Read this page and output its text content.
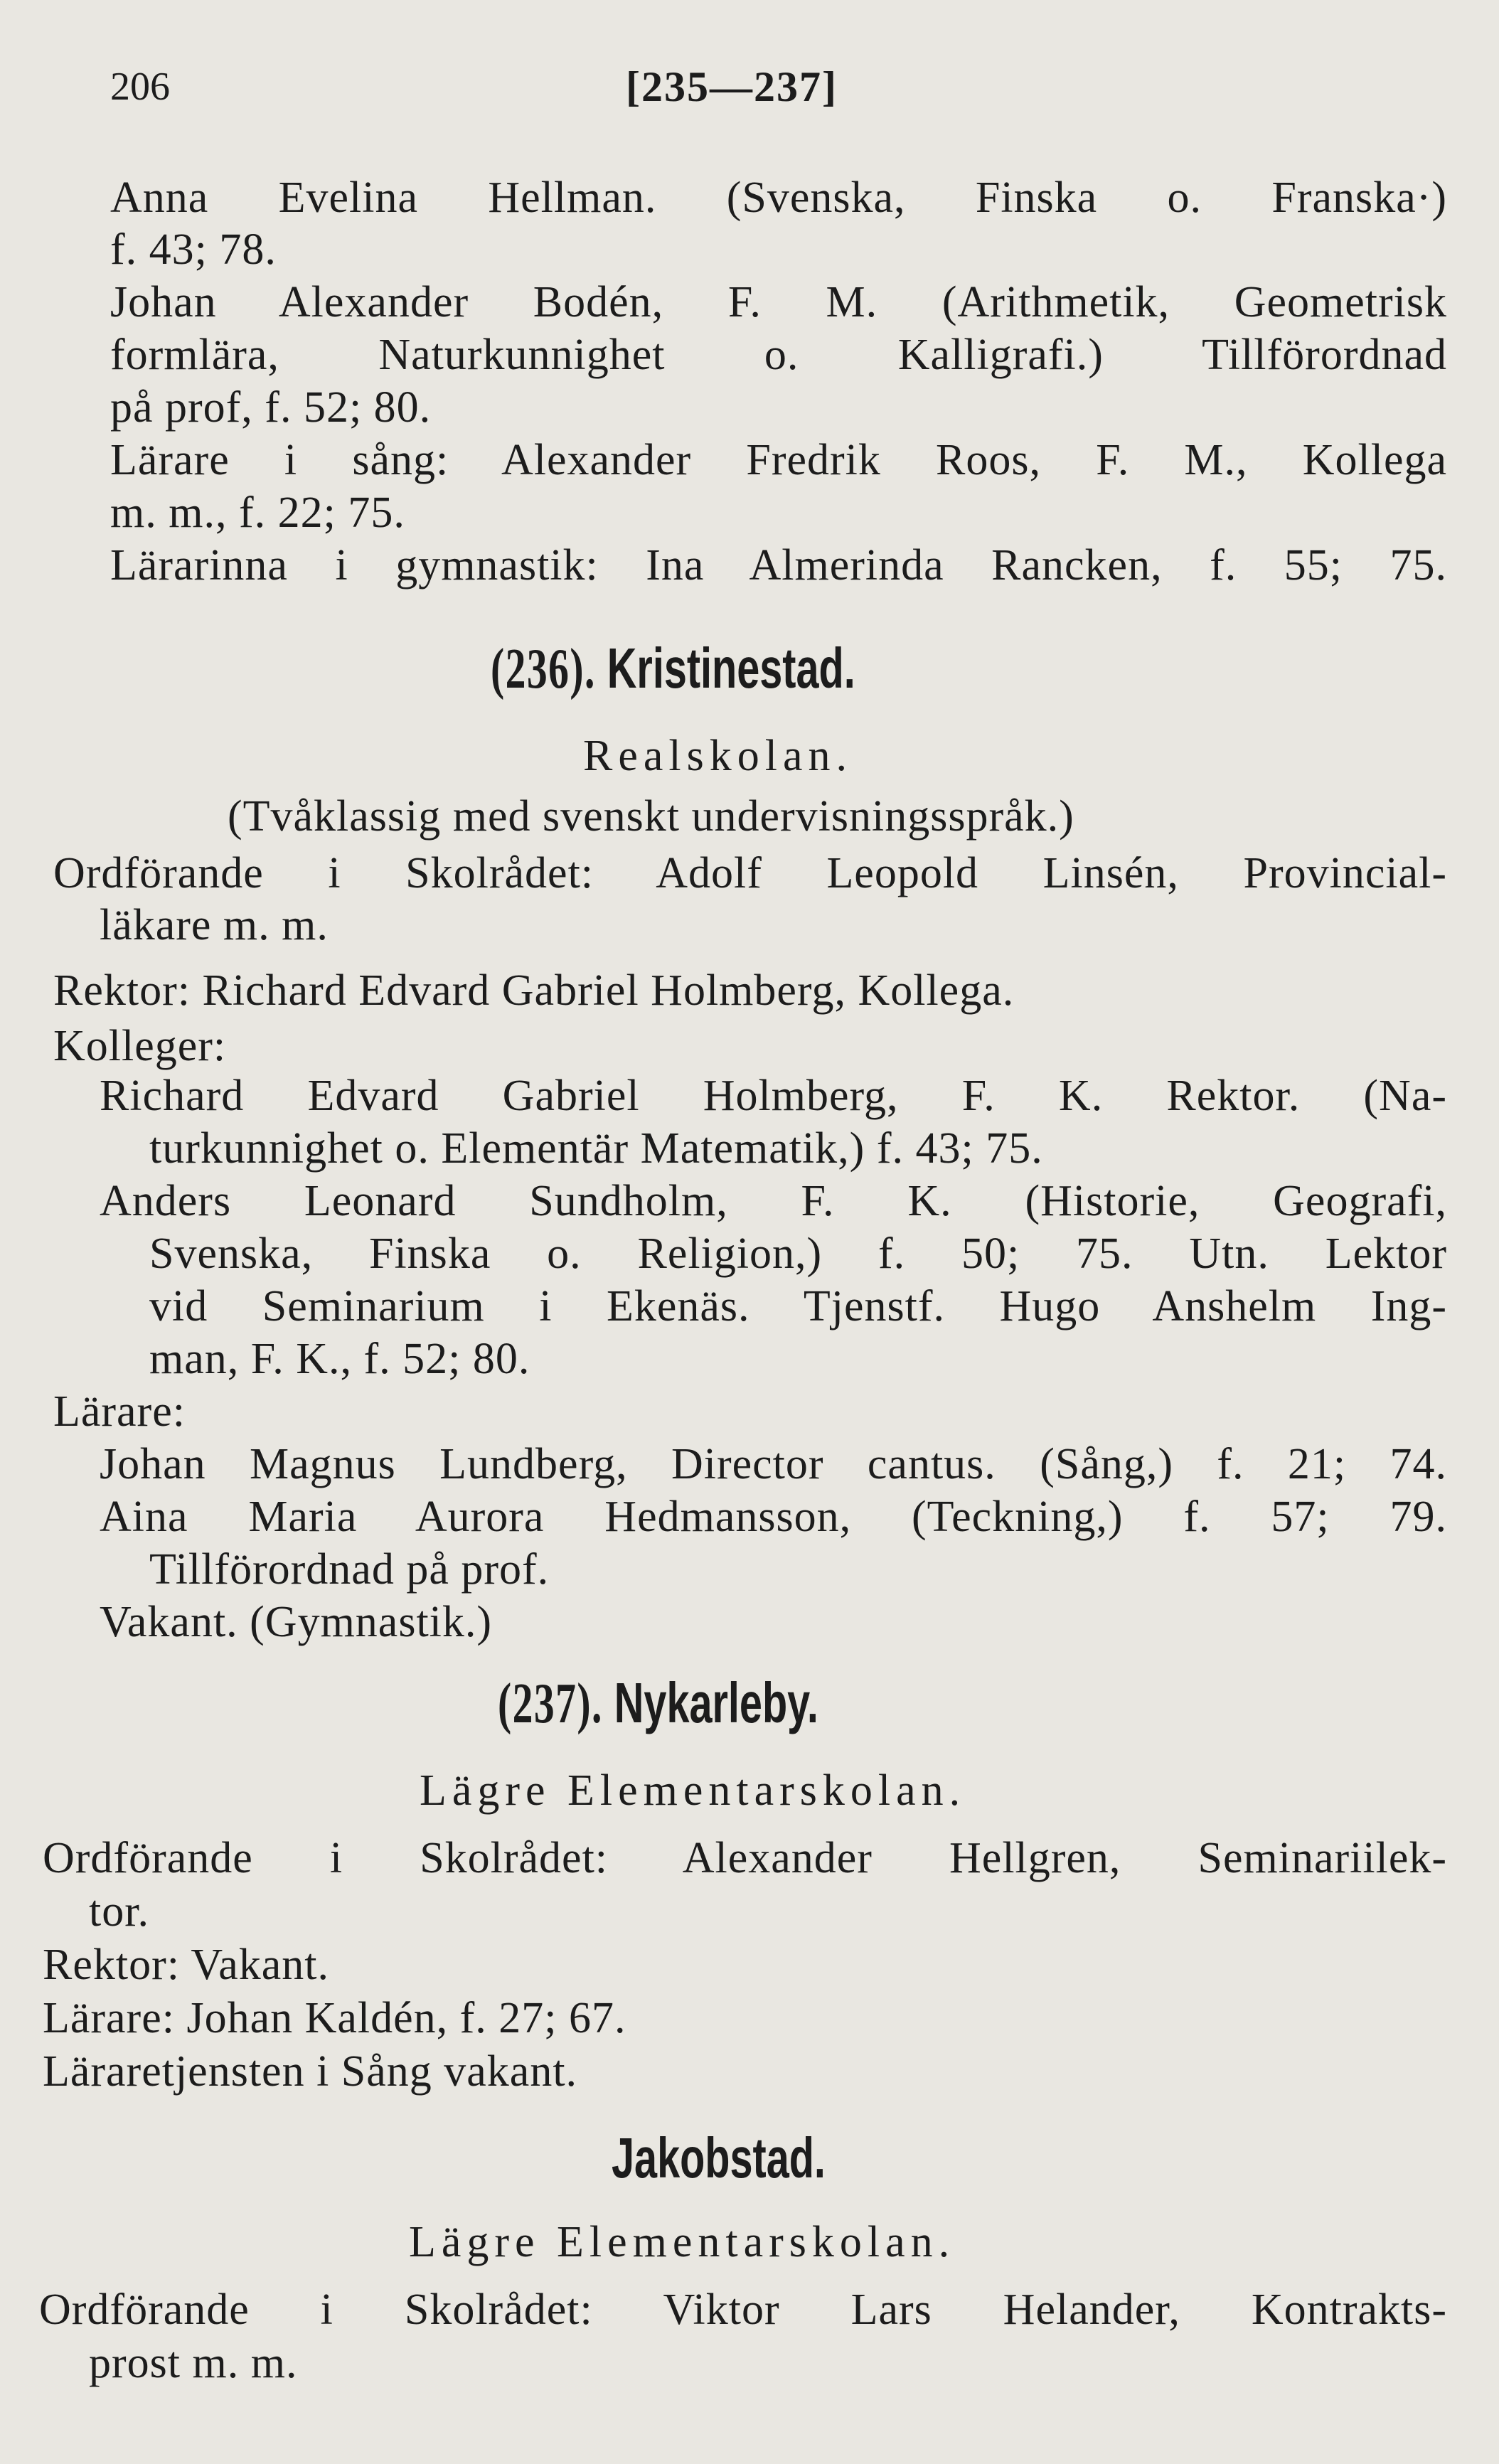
206	[235—237]

Anna Evelina Hellman. (Svenska, Finska o. Franska·)

f. 43; 78.

Johan Alexander Bodén, F. M. (Arithmetik, Geometrisk

formlära, Naturkunnighet o. Kalligrafi.) Tillförordnad

på prof, f. 52; 80.

Lärare i sång: Alexander Fredrik Roos, F. M., Kollega

m. m., f. 22; 75.

Lärarinna i gymnastik: Ina Almerinda Rancken, f. 55; 75.

(236). Kristinestad.

Realskolan.

(Tvåklassig med svenskt undervisningsspråk.)

Ordförande i Skolrådet: Adolf Leopold Linsén, Provincial-

läkare m. m.

Rektor: Richard Edvard Gabriel Holmberg, Kollega.

Kolleger:

Richard Edvard Gabriel Holmberg, F. K. Rektor. (Na-

turkunnighet o. Elementär Matematik,) f. 43; 75.

Anders Leonard Sundholm, F. K. (Historie, Geografi,

Svenska, Finska o. Religion,) f. 50; 75. Utn. Lektor

vid Seminarium i Ekenäs. Tjenstf. Hugo Anshelm Ing-

man, F. K., f. 52; 80.

Lärare:

Johan Magnus Lundberg, Director cantus. (Sång,) f. 21; 74.

Aina Maria Aurora Hedmansson, (Teckning,) f. 57; 79.

Tillförordnad på prof.

Vakant. (Gymnastik.)

(237). Nykarleby.

Lägre Elementarskolan.

Ordförande i Skolrådet: Alexander Hellgren, Seminariilek-

tor.

Rektor: Vakant.

Lärare: Johan Kaldén, f. 27; 67.

Läraretjensten i Sång vakant.

Jakobstad.

Lägre Elementarskolan.

Ordförande i Skolrådet: Viktor Lars Helander, Kontrakts-

prost m. m.
